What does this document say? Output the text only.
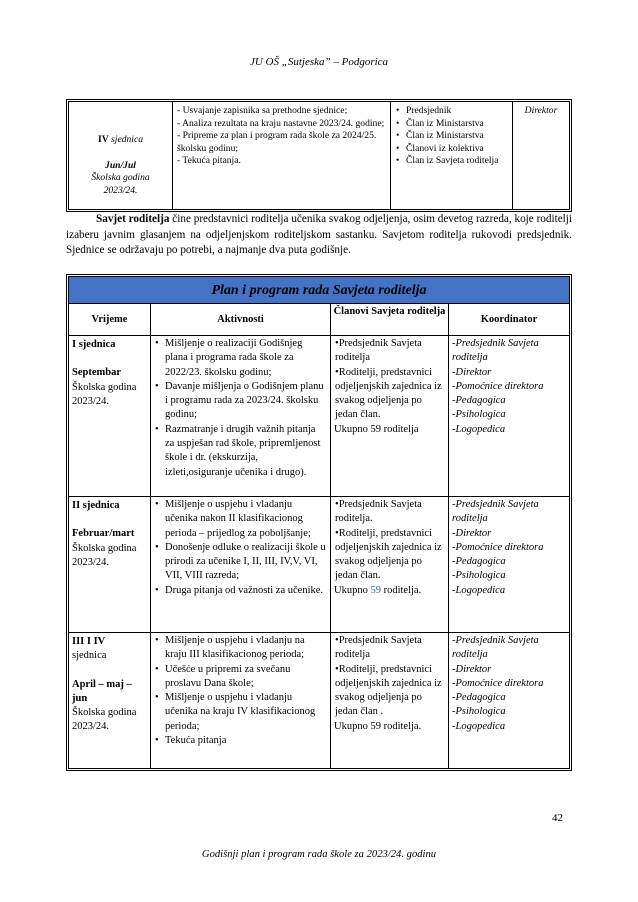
JU OŠ „Sutjeska” – Podgorica
IV sjednica
Jun/Jul
Školska godina
2023/24.
- Usvajanje zapisnika sa prethodne sjednice;
- Analiza rezultata na kraju nastavne 2023/24. godine;
- Pripreme za plan i program rada škole za 2024/25. školsku godinu;
- Tekuća pitanja.
• Predsjednik
• Član iz Ministarstva
• Član iz Ministarstva
• Članovi iz kolektiva
• Član iz Savjeta roditelja
Direktor
Savjet roditelja čine predstavnici roditelja učenika svakog odjeljenja, osim devetog razreda, koje roditelji izaberu javnim glasanjem na odjeljenjskom roditeljskom sastanku. Savjetom roditelja rukovodi predsjednik. Sjednice se održavaju po potrebi, a najmanje dva puta godišnje.
Plan i program rada Savjeta roditelja
Vrijeme	Aktivnosti
Članovi Savjeta roditelja
Koordinator
I sjednica
Septembar
Školska godina
2023/24.
• Mišljenje o realizaciji Godišnjeg plana i programa rada škole za 2022/23. školsku godinu;
• Davanje mišljenja o Godišnjem planu i programu rada za 2023/24. školsku godinu;
• Razmatranje i drugih važnih pitanja za uspješan rad škole, pripremljenost škole i dr. (ekskurzija, izleti,osiguranje učenika i drugo).
•Predsjednik Savjeta roditelja
•Roditelji, predstavnici odjeljenjskih zajednica iz svakog odjeljenja po jedan član.
Ukupno 59 roditelja
-Predsjednik Savjeta roditelja
-Direktor
-Pomoćnice direktora
-Pedagogica
-Psihologica
-Logopedica
II sjednica
Februar/mart
Školska godina
2023/24.
• Mišljenje o uspjehu i vladanju učenika nakon II klasifikacionog perioda – prijedlog za poboljšanje;
• Donošenje odluke o realizaciji škole u prirodi za učenike I, II, III, IV,V, VI, VII, VIII razreda;
• Druga pitanja od važnosti za učenike.
•Predsjednik Savjeta roditelja.
•Roditelji, predstavnici odjeljenjskih zajednica iz svakog odjeljenja po jedan član.
Ukupno 59 roditelja.
-Predsjednik Savjeta roditelja
-Direktor
-Pomoćnice direktora
-Pedagogica
-Psihologica
-Logopedica
III I IV
sjednica
April – maj – jun
Školska godina
2023/24.
• Mišljenje o uspjehu i vladanju na kraju III klasifikacionog perioda;
• Učešće u pripremi za svečanu proslavu Dana škole;
• Mišljenje o uspjehu i vladanju učenika na kraju IV klasifikacionog perioda;
• Tekuća pitanja
•Predsjednik Savjeta roditelja
•Roditelji, predstavnici odjeljenjskih zajednica iz svakog odjeljenja po jedan član .
Ukupno 59 roditelja.
-Predsjednik Savjeta roditelja
-Direktor
-Pomoćnice direktora
-Pedagogica
-Psihologica
-Logopedica
42
Godišnji plan i program rada škole za 2023/24. godinu
